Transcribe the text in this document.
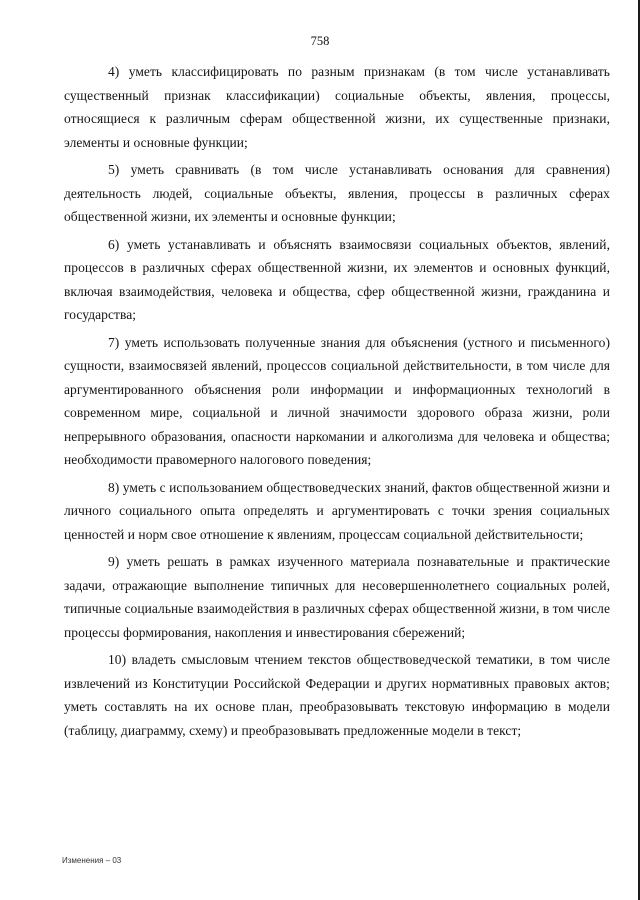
758

4) уметь классифицировать по разным признакам (в том числе устанавливать существенный признак классификации) социальные объекты, явления, процессы, относящиеся к различным сферам общественной жизни, их существенные признаки, элементы и основные функции;

5) уметь сравнивать (в том числе устанавливать основания для сравнения) деятельность людей, социальные объекты, явления, процессы в различных сферах общественной жизни, их элементы и основные функции;

6) уметь устанавливать и объяснять взаимосвязи социальных объектов, явлений, процессов в различных сферах общественной жизни, их элементов и основных функций, включая взаимодействия, человека и общества, сфер общественной жизни, гражданина и государства;

7) уметь использовать полученные знания для объяснения (устного и письменного) сущности, взаимосвязей явлений, процессов социальной действительности, в том числе для аргументированного объяснения роли информации и информационных технологий в современном мире, социальной и личной значимости здорового образа жизни, роли непрерывного образования, опасности наркомании и алкоголизма для человека и общества; необходимости правомерного налогового поведения;

8) уметь с использованием обществоведческих знаний, фактов общественной жизни и личного социального опыта определять и аргументировать с точки зрения социальных ценностей и норм свое отношение к явлениям, процессам социальной действительности;

9) уметь решать в рамках изученного материала познавательные и практические задачи, отражающие выполнение типичных для несовершеннолетнего социальных ролей, типичные социальные взаимодействия в различных сферах общественной жизни, в том числе процессы формирования, накопления и инвестирования сбережений;

10) владеть смысловым чтением текстов обществоведческой тематики, в том числе извлечений из Конституции Российской Федерации и других нормативных правовых актов; уметь составлять на их основе план, преобразовывать текстовую информацию в модели (таблицу, диаграмму, схему) и преобразовывать предложенные модели в текст;

Изменения – 03
